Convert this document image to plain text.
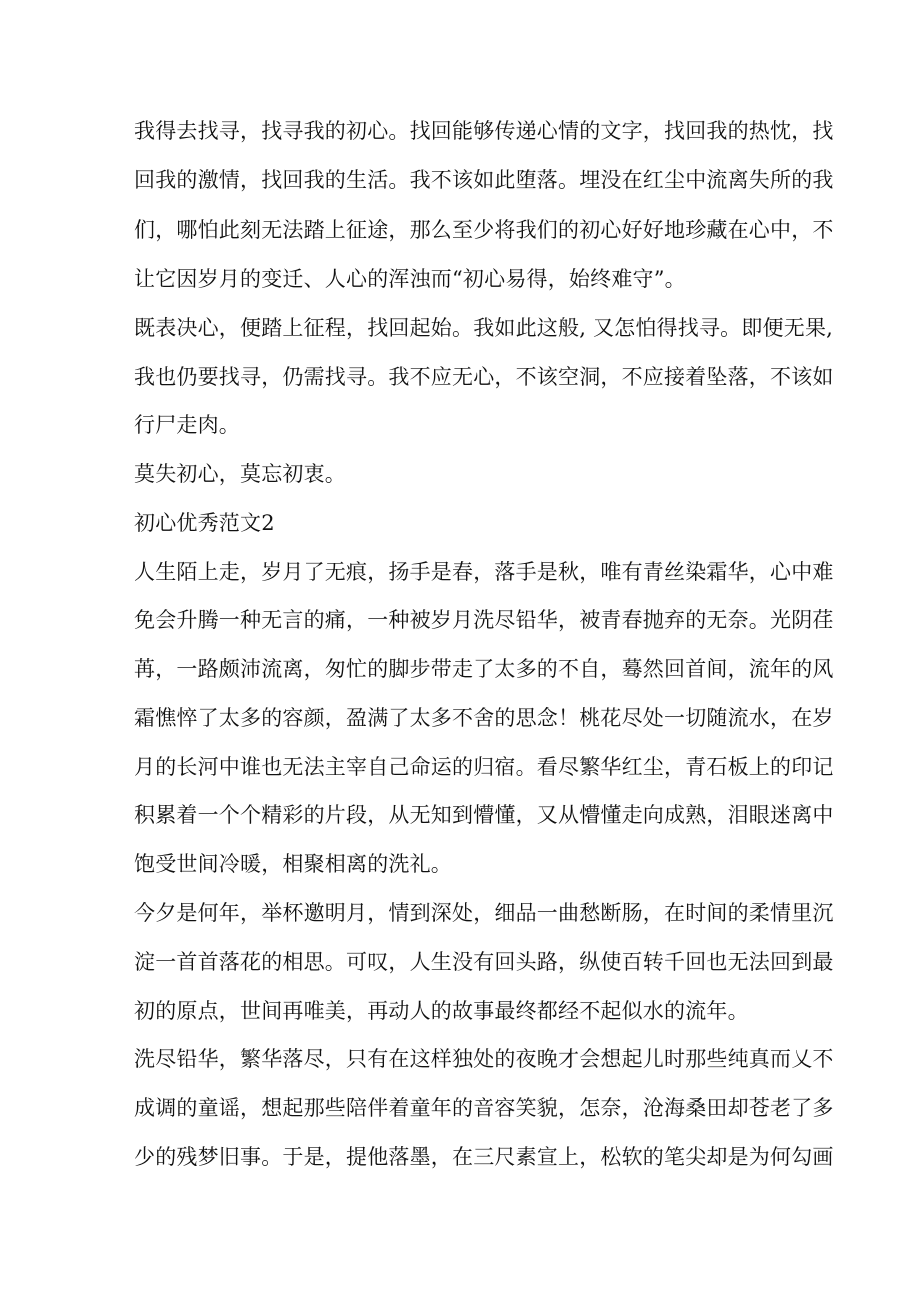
我得去找寻，找寻我的初心。找回能够传递心情的文字，找回我的热忱，找
回我的激情，找回我的生活。我不该如此堕落。埋没在红尘中流离失所的我
们，哪怕此刻无法踏上征途，那么至少将我们的初心好好地珍藏在心中，不
让它因岁月的变迁、人心的浑浊而“初心易得，始终难守”。
既表决心，便踏上征程，找回起始。我如此这般, 又怎怕得找寻。即便无果,
我也仍要找寻，仍需找寻。我不应无心，不该空洞，不应接着坠落，不该如
行尸走肉。
莫失初心，莫忘初衷。
初心优秀范文2
人生陌上走，岁月了无痕，扬手是春，落手是秋，唯有青丝染霜华，心中难
免会升腾一种无言的痛，一种被岁月洗尽铅华，被青春抛弃的无奈。光阴荏
苒，一路颇沛流离，匆忙的脚步带走了太多的不自，蓦然回首间，流年的风
霜憔悴了太多的容颜，盈满了太多不舍的思念！桃花尽处一切随流水，在岁
月的长河中谁也无法主宰自己命运的归宿。看尽繁华红尘，青石板上的印记
积累着一个个精彩的片段，从无知到懵懂，又从懵懂走向成熟，泪眼迷离中
饱受世间冷暖，相聚相离的洗礼。
今夕是何年，举杯邀明月，情到深处，细品一曲愁断肠，在时间的柔情里沉
淀一首首落花的相思。可叹，人生没有回头路，纵使百转千回也无法回到最
初的原点，世间再唯美，再动人的故事最终都经不起似水的流年。
洗尽铅华，繁华落尽，只有在这样独处的夜晚才会想起儿时那些纯真而乂不
成调的童谣，想起那些陪伴着童年的音容笑貌，怎奈，沧海桑田却苍老了多
少的残梦旧事。于是，提他落墨，在三尺素宣上，松软的笔尖却是为何勾画
